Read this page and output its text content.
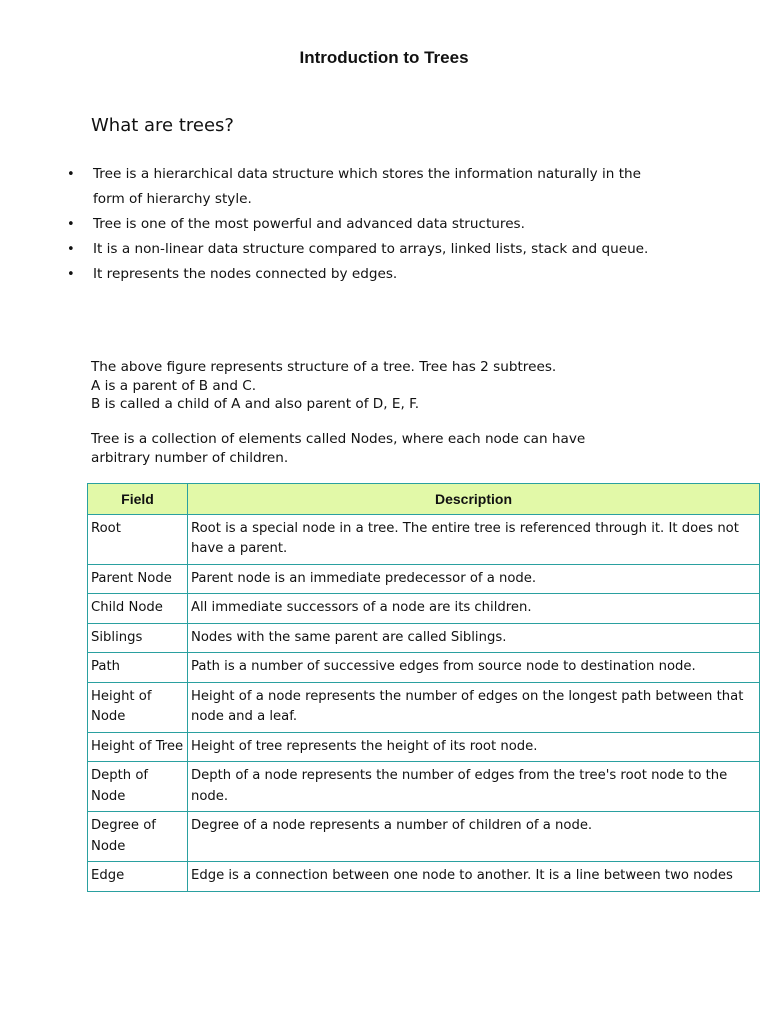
Introduction to Trees
What are trees?
• Tree is a hierarchical data structure which stores the information naturally in the form of hierarchy style.
• Tree is one of the most powerful and advanced data structures.
• It is a non-linear data structure compared to arrays, linked lists, stack and queue.
• It represents the nodes connected by edges.
The above figure represents structure of a tree. Tree has 2 subtrees.
A is a parent of B and C.
B is called a child of A and also parent of D, E, F.
Tree is a collection of elements called Nodes, where each node can have
arbitrary number of children.
Field	Description
Root	Root is a special node in a tree. The entire tree is referenced through it. It does not have a parent.
Parent Node	Parent node is an immediate predecessor of a node.
Child Node	All immediate successors of a node are its children.
Siblings	Nodes with the same parent are called Siblings.
Path	Path is a number of successive edges from source node to destination node.
Height of Node	Height of a node represents the number of edges on the longest path between that node and a leaf.
Height of Tree	Height of tree represents the height of its root node.
Depth of Node	Depth of a node represents the number of edges from the tree's root node to the node.
Degree of Node	Degree of a node represents a number of children of a node.
Edge	Edge is a connection between one node to another. It is a line between two nodes
